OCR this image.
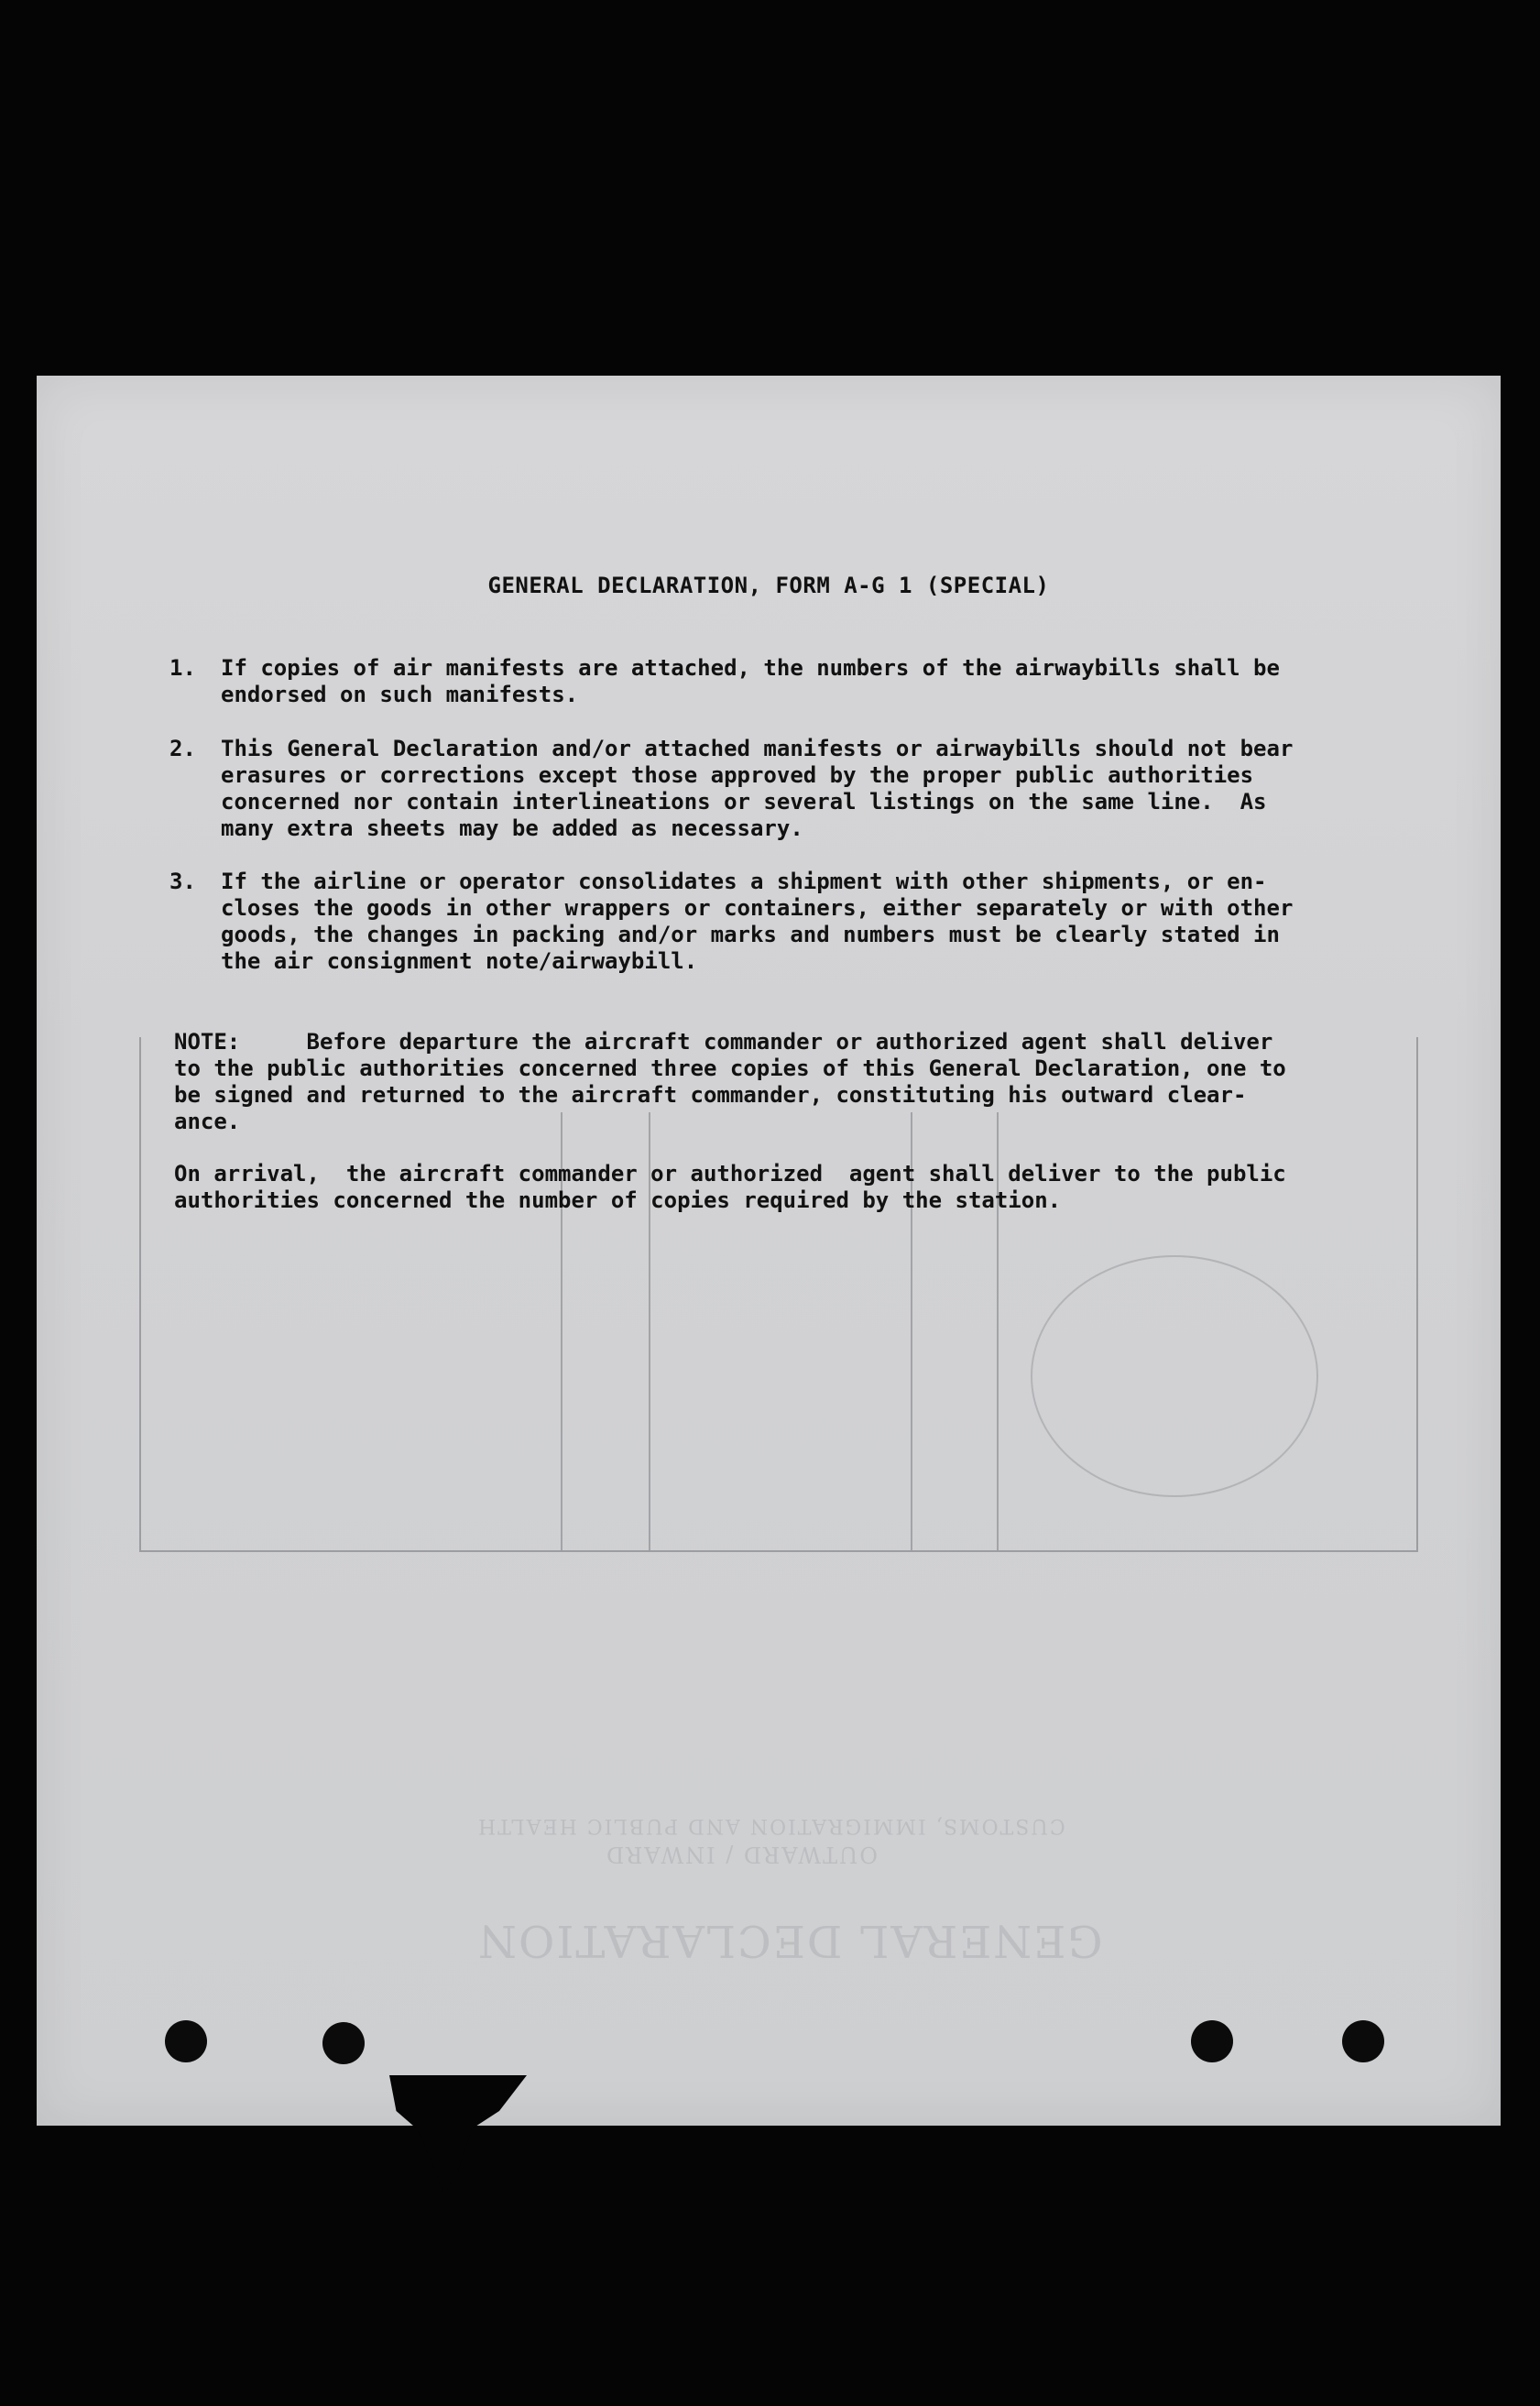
GENERAL DECLARATION
OUTWARD / INWARD
CUSTOMS, IMMIGRATION AND PUBLIC HEALTH
GENERAL DECLARATION, FORM A-G 1 (SPECIAL)
1.	If copies of air manifests are attached, the numbers of the airwaybills shall be
endorsed on such manifests.
2.	This General Declaration and/or attached manifests or airwaybills should not bear
erasures or corrections except those approved by the proper public authorities
concerned nor contain interlineations or several listings on the same line.  As
many extra sheets may be added as necessary.
3.	If the airline or operator consolidates a shipment with other shipments, or en-
closes the goods in other wrappers or containers, either separately or with other
goods, the changes in packing and/or marks and numbers must be clearly stated in
the air consignment note/airwaybill.
NOTE:     Before departure the aircraft commander or authorized agent shall deliver
to the public authorities concerned three copies of this General Declaration, one to
be signed and returned to the aircraft commander, constituting his outward clear-
ance.
On arrival,  the aircraft commander or authorized  agent shall deliver to the public
authorities concerned the number of copies required by the station.
